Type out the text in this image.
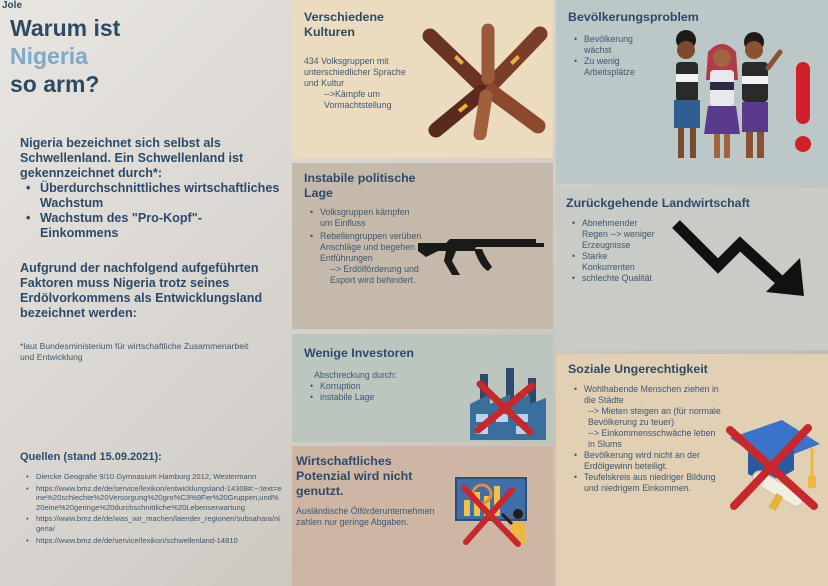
Jole
Warum ist
Nigeria
so arm?

Nigeria bezeichnet sich selbst als Schwellenland. Ein Schwellenland ist gekennzeichnet durch*:

• Überdurchschnittliches wirtschaftliches Wachstum
• Wachstum des "Pro-Kopf"-Einkommens

Aufgrund der nachfolgend aufgeführten Faktoren muss Nigeria trotz seines Erdölvorkommens als Entwicklungsland bezeichnet werden:

*laut Bundesministerium für wirtschaftliche Zusammenarbeit und Entwicklung
Quellen (stand 15.09.2021):
• Diercke Geografie 9/10 Gymnasium Hamburg 2012, Westermann
• https://www.bmz.de/de/service/lexikon/entwicklungsland-14308#:~:text=eine%20schlechte%20Versorgung%20gro%C3%9Fer%20Gruppen,und%20eine%20geringe%20durchschnittliche%20Lebenserwartung
• https://www.bmz.de/de/was_wir_machen/laender_regionen/subsahara/nigeria/
• https://www.bmz.de/de/service/lexikon/schwellenland-14810
Verschiedene Kulturen
434 Volksgruppen mit unterschiedlicher Sprache und Kultur
-->Kämpfe um Vormachtstellung
Instabile politische Lage
• Volksgruppen kämpfen um Einfluss
• Rebellengruppen verüben Anschläge und begehen Entführungen
--> Erdölförderung und Export wird behindert.
Wenige Investoren
Abschreckung durch:
• Korruption
• instabile Lage
Wirtschaftliches Potenzial wird nicht genutzt.
Ausländische Ölförderunternehmen zahlen nur geringe Abgaben.
Bevölkerungsproblem
• Bevölkerung wächst
• Zu wenig Arbeitsplätze
Zurückgehende Landwirtschaft
• Abnehmender Regen --> weniger Erzeugnisse
• Starke Konkurrenten
• schlechte Qualität
Soziale Ungerechtigkeit
• Wohlhabende Menschen ziehen in die Städte
--> Mieten steigen an (für normale Bevölkerung zu teuer)
--> Einkommensschwäche leben in Slums
• Bevölkerung wird nicht an der Erdölgewinn beteiligt.
• Teufelskreis aus niedriger Bildung und niedrigem Einkommen.
